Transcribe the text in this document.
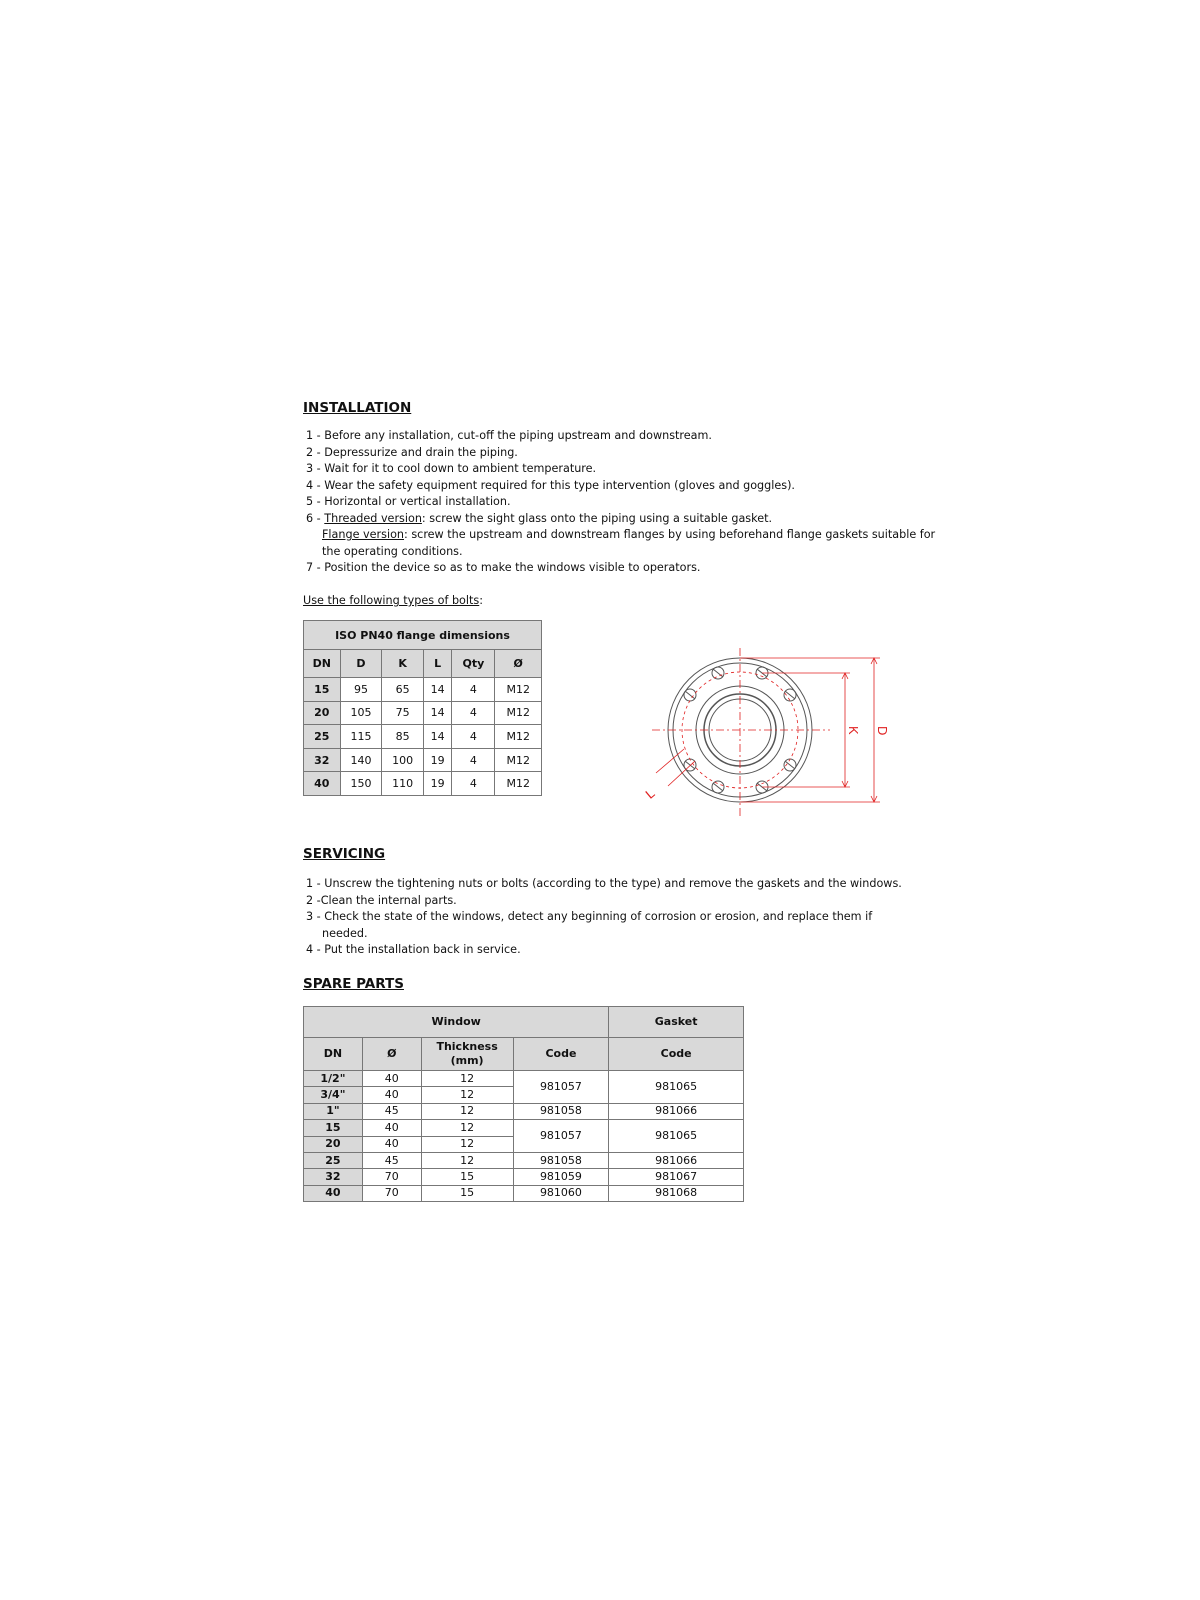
INSTALLATION
1 - Before any installation, cut-off the piping upstream and downstream.
2 - Depressurize and drain the piping.
3 - Wait for it to cool down to ambient temperature.
4 - Wear the safety equipment required for this type intervention (gloves and goggles).
5 - Horizontal or vertical installation.
6 - Threaded version: screw the sight glass onto the piping using a suitable gasket.
Flange version: screw the upstream and downstream flanges by using beforehand flange gaskets suitable for
the operating conditions.
7 - Position the device so as to make the windows visible to operators.
Use the following types of bolts:
ISO PN40 flange dimensions					
DN	D	K	L	Qty	Ø
15	95	65	14	4	M12
20	105	75	14	4	M12
25	115	85	14	4	M12
32	140	100	19	4	M12
40	150	110	19	4	M12
K D
L
SERVICING
1 - Unscrew the tightening nuts or bolts (according to the type) and remove the gaskets and the windows.
2 -Clean the internal parts.
3 - Check the state of the windows, detect any beginning of corrosion or erosion, and replace them if
needed.
4 - Put the installation back in service.
SPARE PARTS
Window				Gasket
DN	Ø	Thickness
(mm)	Code	Code
1/2"	40	12	981057	981065
3/4"	40	12		
1"	45	12	981058	981066
15	40	12	981057	981065
20	40	12		
25	45	12	981058	981066
32	70	15	981059	981067
40	70	15	981060	981068
